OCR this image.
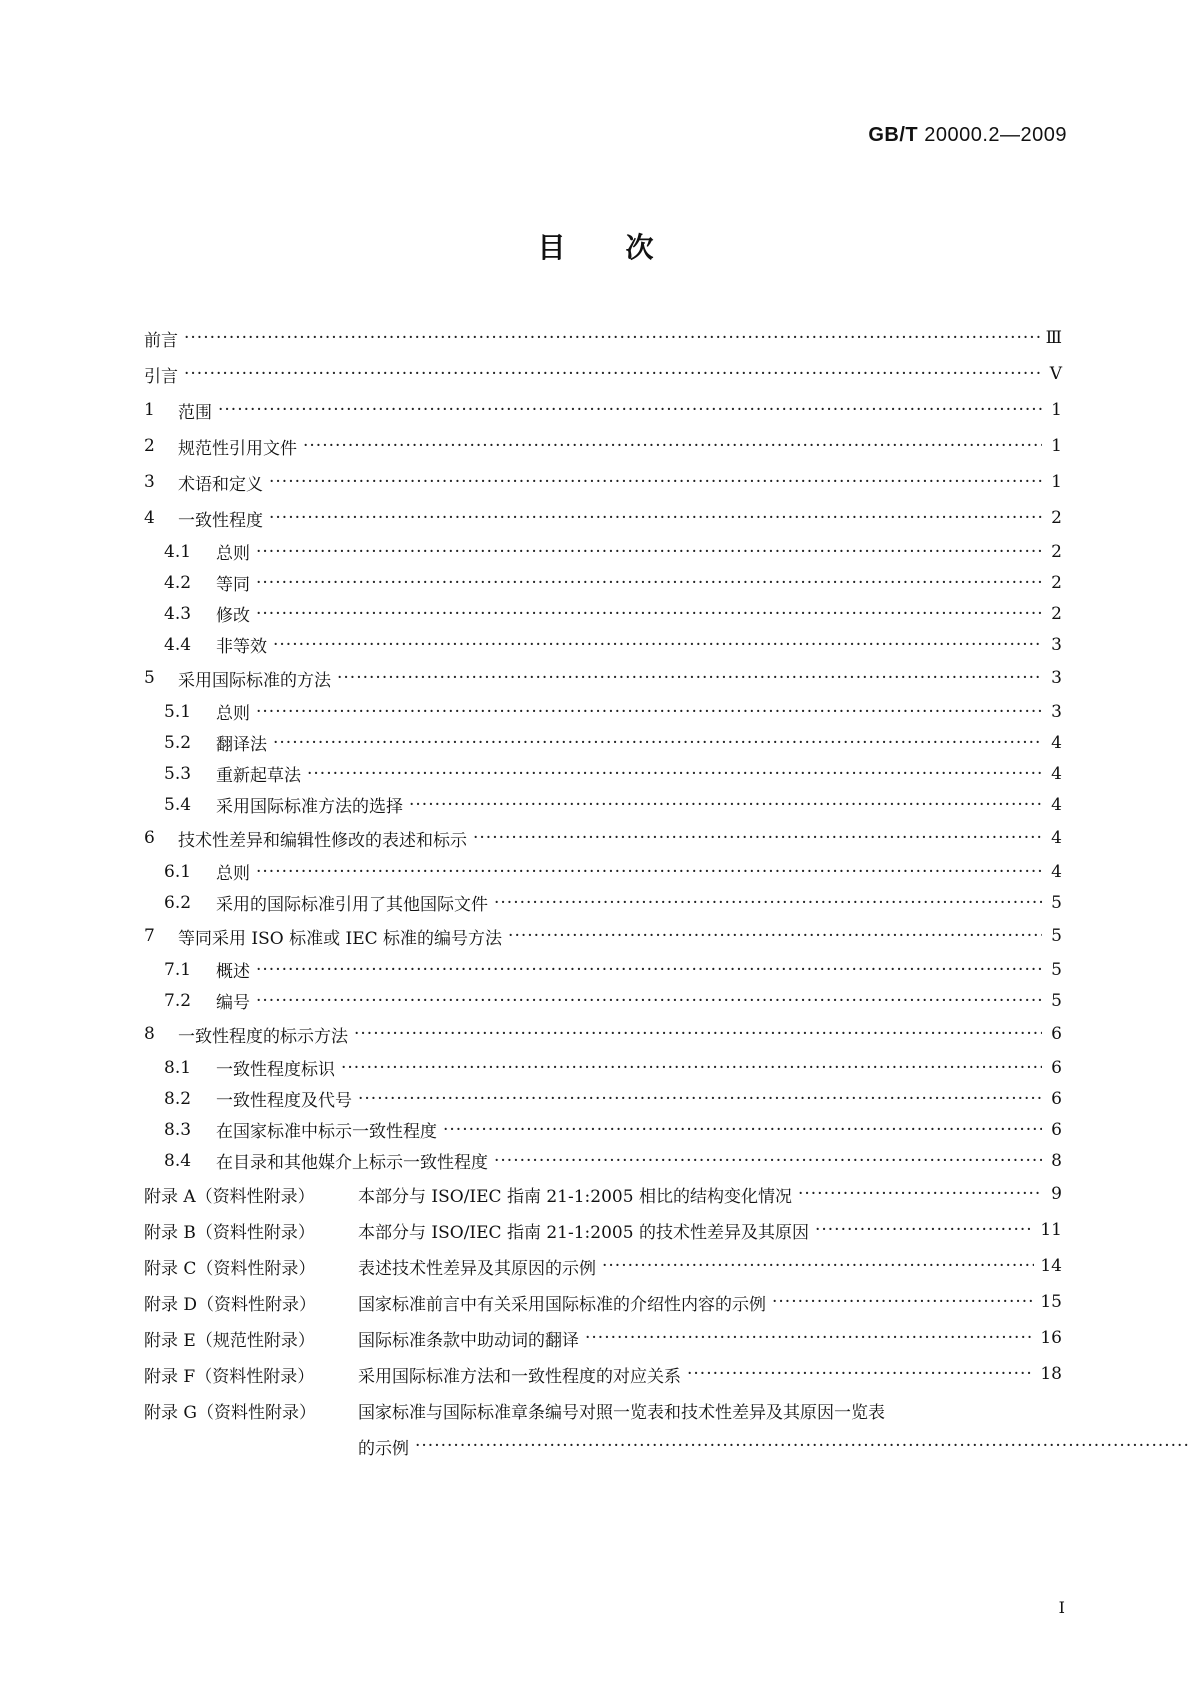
GB/T 20000.2—2009
目次
前言 ·····	Ⅲ
引言 ·····	Ⅴ
1	范围 ·····	1
2	规范性引用文件 ·····	1
3	术语和定义 ·····	1
4	一致性程度 ·····	2
4.1	总则 ·····	2
4.2	等同 ·····	2
4.3	修改 ·····	2
4.4	非等效 ·····	3
5	采用国际标准的方法 ·····	3
5.1	总则 ·····	3
5.2	翻译法 ·····	4
5.3	重新起草法 ·····	4
5.4	采用国际标准方法的选择 ·····	4
6	技术性差异和编辑性修改的表述和标示 ·····	4
6.1	总则 ·····	4
6.2	采用的国际标准引用了其他国际文件 ·····	5
7	等同采用 ISO 标准或 IEC 标准的编号方法 ·····	5
7.1	概述 ·····	5
7.2	编号 ·····	5
8	一致性程度的标示方法 ·····	6
8.1	一致性程度标识 ·····	6
8.2	一致性程度及代号 ·····	6
8.3	在国家标准中标示一致性程度 ·····	6
8.4	在目录和其他媒介上标示一致性程度 ·····	8
附录 A（资料性附录）	本部分与 ISO/IEC 指南 21-1:2005 相比的结构变化情况 ·····	9
附录 B（资料性附录）	本部分与 ISO/IEC 指南 21-1:2005 的技术性差异及其原因 ·····	11
附录 C（资料性附录）	表述技术性差异及其原因的示例 ·····	14
附录 D（资料性附录）	国家标准前言中有关采用国际标准的介绍性内容的示例 ·····	15
附录 E（规范性附录）	国际标准条款中助动词的翻译 ·····	16
附录 F（资料性附录）	采用国际标准方法和一致性程度的对应关系 ·····	18
附录 G（资料性附录）	国家标准与国际标准章条编号对照一览表和技术性差异及其原因一览表
的示例
·····
Ⅰ
